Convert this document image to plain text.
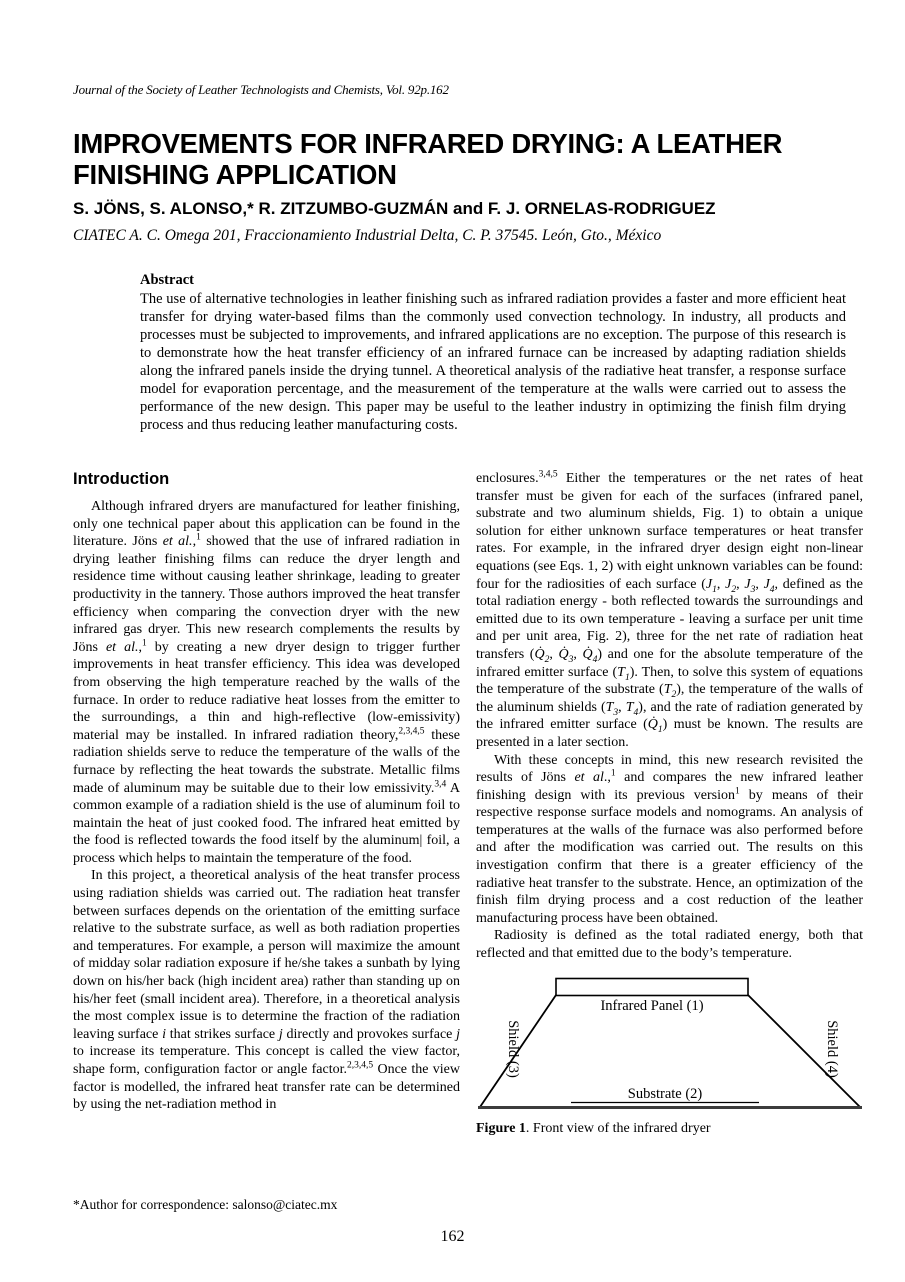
Journal of the Society of Leather Technologists and Chemists, Vol. 92p.162
IMPROVEMENTS FOR INFRARED DRYING: A LEATHER
FINISHING APPLICATION
S. JÖNS, S. ALONSO,* R. ZITZUMBO-GUZMÁN and F. J. ORNELAS-RODRIGUEZ
CIATEC A. C. Omega 201, Fraccionamiento Industrial Delta, C. P. 37545. León, Gto., México
Abstract
The use of alternative technologies in leather finishing such as infrared radiation provides a faster and more efficient heat transfer for drying water-based films than the commonly used convection technology. In industry, all products and processes must be subjected to improvements, and infrared applications are no exception. The purpose of this research is to demonstrate how the heat transfer efficiency of an infrared furnace can be increased by adapting radiation shields along the infrared panels inside the drying tunnel. A theoretical analysis of the radiative heat transfer, a response surface model for evaporation percentage, and the measurement of the temperature at the walls were carried out to assess the performance of the new design. This paper may be useful to the leather industry in optimizing the finish film drying process and thus reducing leather manufacturing costs.
Introduction

Although infrared dryers are manufactured for leather finishing, only one technical paper about this application can be found in the literature. Jöns et al.,$^1$ showed that the use of infrared radiation in drying leather finishing films can reduce the dryer length and residence time without causing leather shrinkage, leading to greater productivity in the tannery. Those authors improved the heat transfer efficiency when comparing the convection dryer with the new infrared gas dryer. This new research complements the results by Jöns et al.,$^1$ by creating a new dryer design to trigger further improvements in heat transfer efficiency. This idea was developed from observing the high temperature reached by the walls of the furnace. In order to reduce radiative heat losses from the emitter to the surroundings, a thin and high-reflective (low-emissivity) material may be installed. In infrared radiation theory,$^{2,3,4,5}$ these radiation shields serve to reduce the temperature of the walls of the furnace by reflecting the heat towards the substrate. Metallic films made of aluminum may be suitable due to their low emissivity.$^{3,4}$ A common example of a radiation shield is the use of aluminum foil to maintain the heat of just cooked food. The infrared heat emitted by the food is reflected towards the food itself by the aluminum| foil, a process which helps to maintain the temperature of the food.

In this project, a theoretical analysis of the heat transfer process using radiation shields was carried out. The radiation heat transfer between surfaces depends on the orientation of the emitting surface relative to the substrate surface, as well as both radiation properties and temperatures. For example, a person will maximize the amount of midday solar radiation exposure if he/she takes a sunbath by lying down on his/her back (high incident area) rather than standing up on his/her feet (small incident area). Therefore, in a theoretical analysis the most complex issue is to determine the fraction of the radiation leaving surface i that strikes surface j directly and provokes surface j to increase its temperature. This concept is called the view factor, shape form, configuration factor or angle factor.$^{2,3,4,5}$ Once the view factor is modelled, the infrared heat transfer rate can be determined by using the net-radiation method in

enclosures.$^{3,4,5}$ Either the temperatures or the net rates of heat transfer must be given for each of the surfaces (infrared panel, substrate and two aluminum shields, Fig. 1) to obtain a unique solution for either unknown surface temperatures or heat transfer rates. For example, in the infrared dryer design eight non-linear equations (see Eqs. 1, 2) with eight unknown variables can be found: four for the radiosities of each surface ($J_1$, $J_2$, $J_3$, $J_4$, defined as the total radiation energy - both reflected towards the surroundings and emitted due to its own temperature - leaving a surface per unit time and per unit area, Fig. 2), three for the net rate of radiation heat transfers ($Q̇_2$, $Q̇_3$, $Q̇_4$) and one for the absolute temperature of the infrared emitter surface $(T_1)$. Then, to solve this system of equations the temperature of the substrate $(T_2)$, the temperature of the walls of the aluminum shields ($T_3$, $T_4$), and the rate of radiation generated by the infrared emitter surface $(Q̇_1)$ must be known. The results are presented in a later section.

With these concepts in mind, this new research revisited the results of Jöns et al.,$^1$ and compares the new infrared leather finishing design with its previous version$^1$ by means of their respective response surface models and nomograms. An analysis of temperatures at the walls of the furnace was also performed before and after the modification was carried out. The results on this investigation confirm that there is a greater efficiency of the radiative heat transfer to the substrate. Hence, an optimization of the finish film drying process and a cost reduction of the leather manufacturing process have been obtained.

Radiosity is defined as the total radiated energy, both that reflected and that emitted due to the body’s temperature.

Infrared Panel (1)
Substrate (2)
Shield (3)	Shield (4)
Figure 1. Front view of the infrared dryer
*Author for correspondence: salonso@ciatec.mx
162
